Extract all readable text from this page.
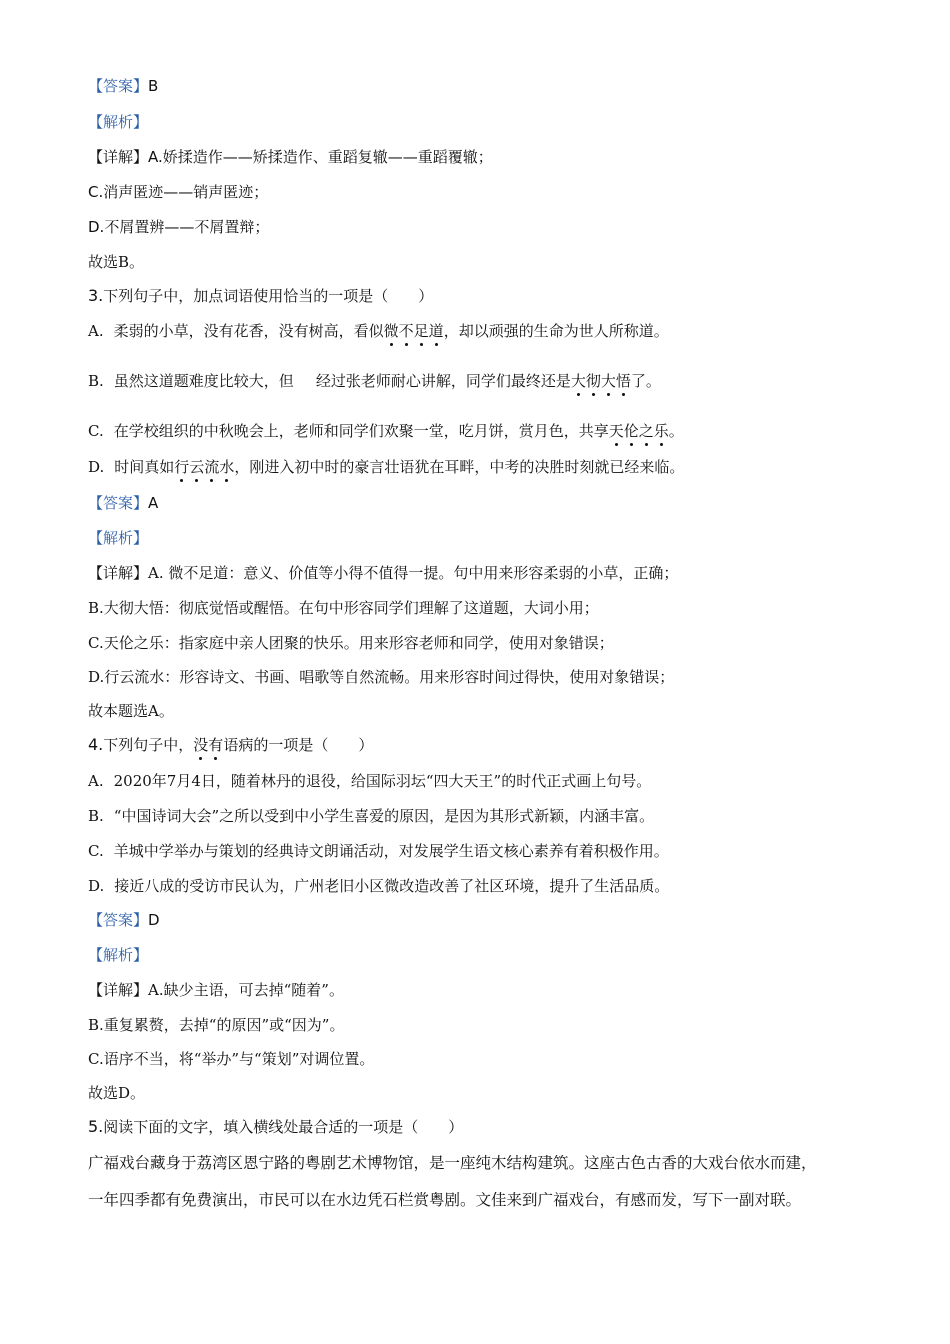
【答案】B
【解析】
【详解】A.娇揉造作——矫揉造作、重蹈复辙——重蹈覆辙；
C.消声匿迹——销声匿迹；
D.不屑置辨——不屑置辩；
故选B。
3.下列句子中，加点词语使用恰当的一项是（　　）
A. 柔弱的小草，没有花香，没有树高，看似微不足道，却以顽强的生命为世人所称道。
B. 虽然这道题难度比较大，但 经过张老师耐心讲解，同学们最终还是大彻大悟了。
C. 在学校组织的中秋晚会上，老师和同学们欢聚一堂，吃月饼，赏月色，共享天伦之乐。
D. 时间真如行云流水，刚进入初中时的豪言壮语犹在耳畔，中考的决胜时刻就已经来临。
【答案】A
【解析】
【详解】A. 微不足道：意义、价值等小得不值得一提。句中用来形容柔弱的小草，正确；
B.大彻大悟：彻底觉悟或醒悟。在句中形容同学们理解了这道题，大词小用；
C.天伦之乐：指家庭中亲人团聚的快乐。用来形容老师和同学，使用对象错误；
D.行云流水：形容诗文、书画、唱歌等自然流畅。用来形容时间过得快，使用对象错误；
故本题选A。
4.下列句子中，没有语病的一项是（　　）
A. 2020年7月4日，随着林丹的退役，给国际羽坛“四大天王”的时代正式画上句号。
B. “中国诗词大会”之所以受到中小学生喜爱的原因，是因为其形式新颖，内涵丰富。
C. 羊城中学举办与策划的经典诗文朗诵活动，对发展学生语文核心素养有着积极作用。
D. 接近八成的受访市民认为，广州老旧小区微改造改善了社区环境，提升了生活品质。
【答案】D
【解析】
【详解】A.缺少主语，可去掉“随着”。
B.重复累赘，去掉“的原因”或“因为”。
C.语序不当，将“举办”与“策划”对调位置。
故选D。
5.阅读下面的文字，填入横线处最合适的一项是（　　）
广福戏台藏身于荔湾区恩宁路的粤剧艺术博物馆，是一座纯木结构建筑。这座古色古香的大戏台依水而建，
一年四季都有免费演出，市民可以在水边凭石栏赏粤剧。文佳来到广福戏台，有感而发，写下一副对联。
